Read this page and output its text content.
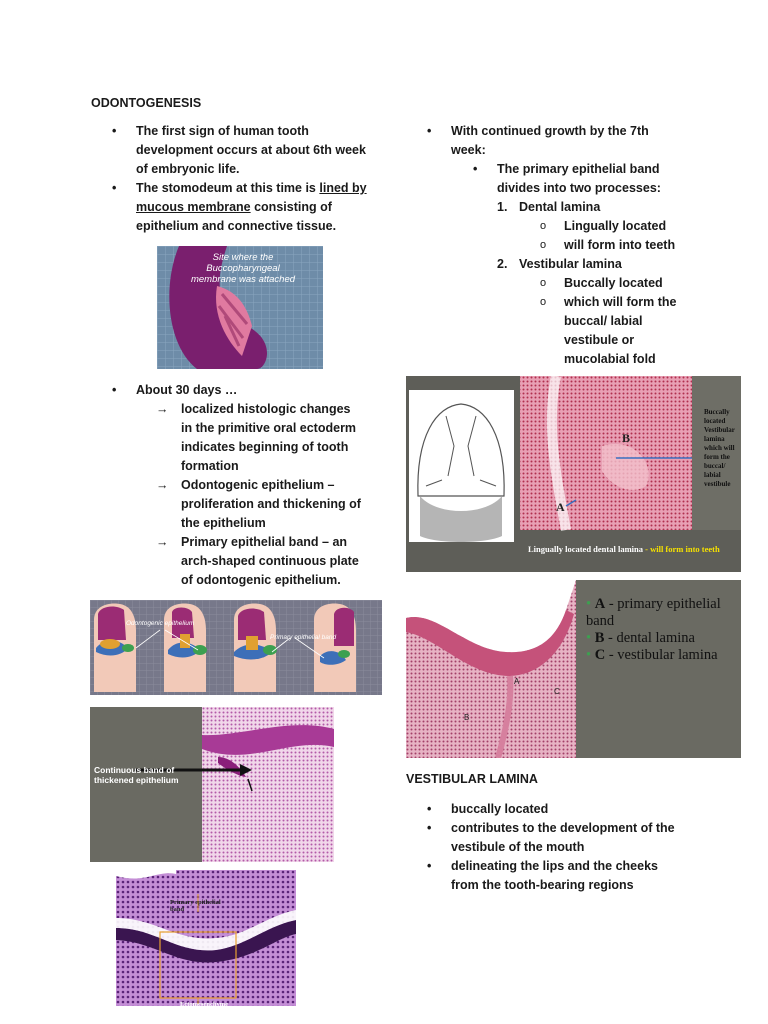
ODONTOGENESIS
• The first sign of human tooth development occurs at about 6th week of embryonic life.
• The stomodeum at this time is lined by mucous membrane consisting of epithelium and connective tissue.
Site where the Buccopharyngeal membrane was attached
• About 30 days …
→ localized histologic changes in the primitive oral ectoderm indicates beginning of tooth formation
→ Odontogenic epithelium – proliferation and thickening of the epithelium
→ Primary epithelial band – an arch-shaped continuous plate of odontogenic epithelium.
Odontogenic epithelium
Primary epithelial band
Continuous band of thickened epithelium
Primary epithelial band
Ectomesenchyme
• With continued growth by the 7th week:
• The primary epithelial band divides into two processes:
1. Dental lamina
o Lingually located
o will form into teeth
2. Vestibular lamina
o Buccally located
o which will form the buccal/ labial vestibule or mucolabial fold
B
A
Buccally located Vestibular lamina which will form the buccal/ labial vestibule
Lingually located dental lamina - will form into teeth
A
B
C
• A - primary epithelial band
• B - dental lamina
• C - vestibular lamina
VESTIBULAR LAMINA
• buccally located
• contributes to the development of the vestibule of the mouth
• delineating the lips and the cheeks from the tooth-bearing regions
